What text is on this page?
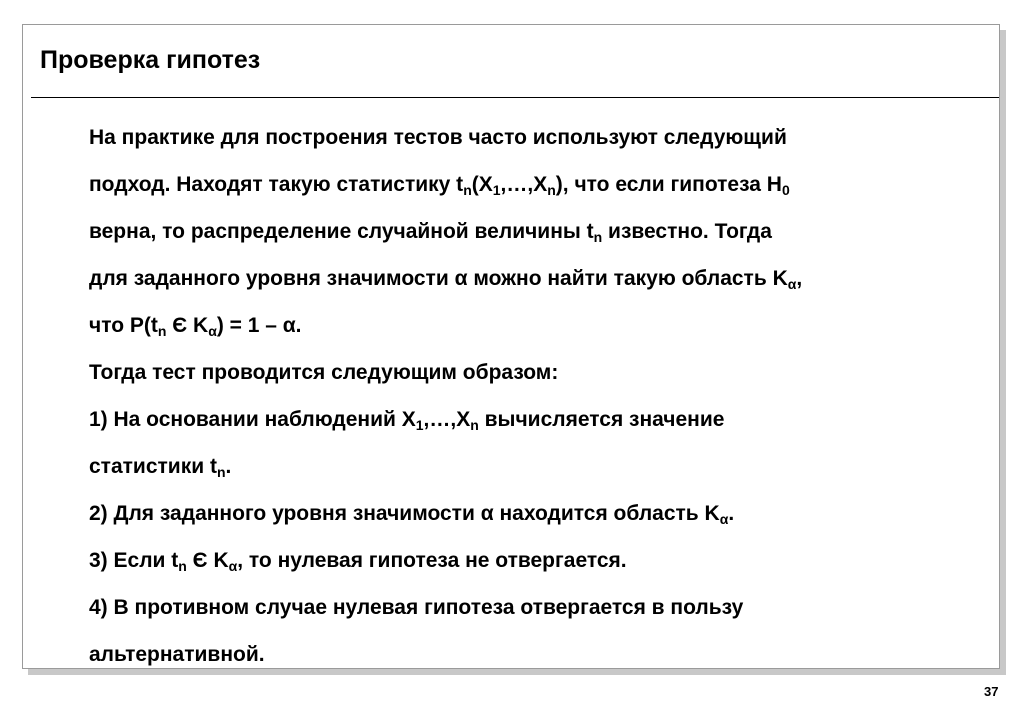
Проверка гипотез

На практике для построения тестов часто используют следующий

подход. Находят такую статистику $t_n(X_1,\dots,X_n)$, что если гипотеза $H_0$

верна, то распределение случайной величины $t_n$ известно. Тогда

для заданного уровня значимости α можно найти такую область $K_\alpha$,

что $P(t_n$ Є $K_\alpha) = 1 - \alpha$.

Тогда тест проводится следующим образом:

1) На основании наблюдений $X_1,\dots,X_n$ вычисляется значение

статистики $t_n$.

2) Для заданного уровня значимости α находится область $K_\alpha$.

3) Если $t_n$ Є $K_\alpha$, то нулевая гипотеза не отвергается.

4) В противном случае нулевая гипотеза отвергается в пользу

альтернативной.

37
